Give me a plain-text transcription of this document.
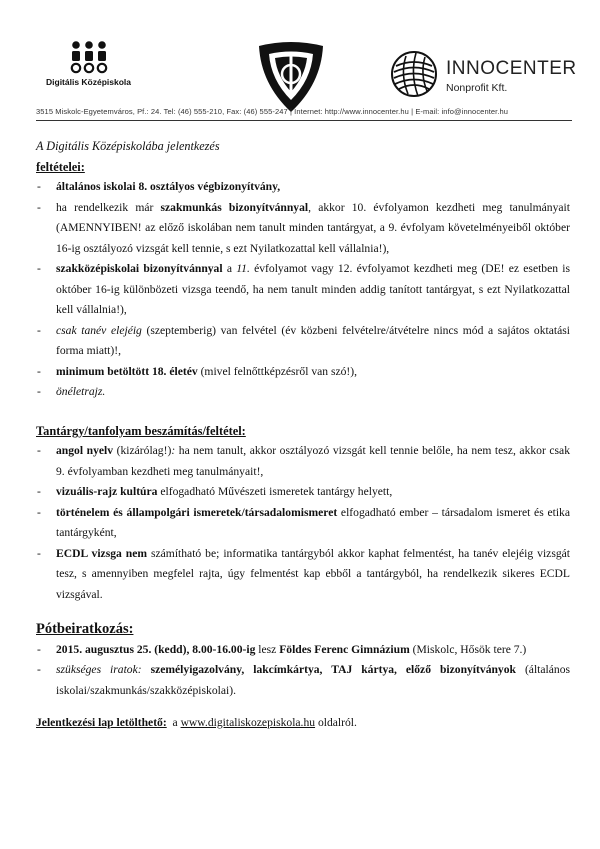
Digitális Középiskola
INNOCENTER
Nonprofit Kft.
3515 Miskolc-Egyetemváros, Pf.: 24. Tel: (46) 555-210, Fax: (46) 555-247 | Internet: http://www.innocenter.hu | E-mail: info@innocenter.hu

A Digitális Középiskolába jelentkezés

feltételei:

- általános iskolai 8. osztályos végbizonyítvány,
- ha rendelkezik már szakmunkás bizonyítvánnyal, akkor 10. évfolyamon kezdheti meg tanulmányait (AMENNYIBEN! az előző iskolában nem tanult minden tantárgyat, a 9. évfolyam követelményeiből október 16-ig osztályozó vizsgát kell tennie, s ezt Nyilatkozattal kell vállalnia!),
- szakközépiskolai bizonyítvánnyal a 11. évfolyamot vagy 12. évfolyamot kezdheti meg (DE! ez esetben is október 16-ig különbözeti vizsga teendő, ha nem tanult minden addig tanított tantárgyat, s ezt Nyilatkozattal kell vállalnia!),
- csak tanév elejéig (szeptemberig) van felvétel (év közbeni felvételre/átvételre nincs mód a sajátos oktatási forma miatt)!,
- minimum betöltött 18. életév (mivel felnőttképzésről van szó!),
- önéletrajz.

Tantárgy/tanfolyam beszámítás/feltétel:

- angol nyelv (kizárólag!): ha nem tanult, akkor osztályozó vizsgát kell tennie belőle, ha nem tesz, akkor csak 9. évfolyamban kezdheti meg tanulmányait!,
- vizuális-rajz kultúra elfogadható Művészeti ismeretek tantárgy helyett,
- történelem és állampolgári ismeretek/társadalomismeret elfogadható ember – társadalom ismeret és etika tantárgyként,
- ECDL vizsga nem számítható be; informatika tantárgyból akkor kaphat felmentést, ha tanév elejéig vizsgát tesz, s amennyiben megfelel rajta, úgy felmentést kap ebből a tantárgyból, ha rendelkezik sikeres ECDL vizsgával.

Pótbeiratkozás:

- 2015. augusztus 25. (kedd), 8.00-16.00-ig lesz Földes Ferenc Gimnázium (Miskolc, Hősök tere 7.)
- szükséges iratok: személyigazolvány, lakcímkártya, TAJ kártya, előző bizonyítványok (általános iskolai/szakmunkás/szakközépiskolai).

Jelentkezési lap letölthető:  a www.digitaliskozepiskola.hu oldalról.
